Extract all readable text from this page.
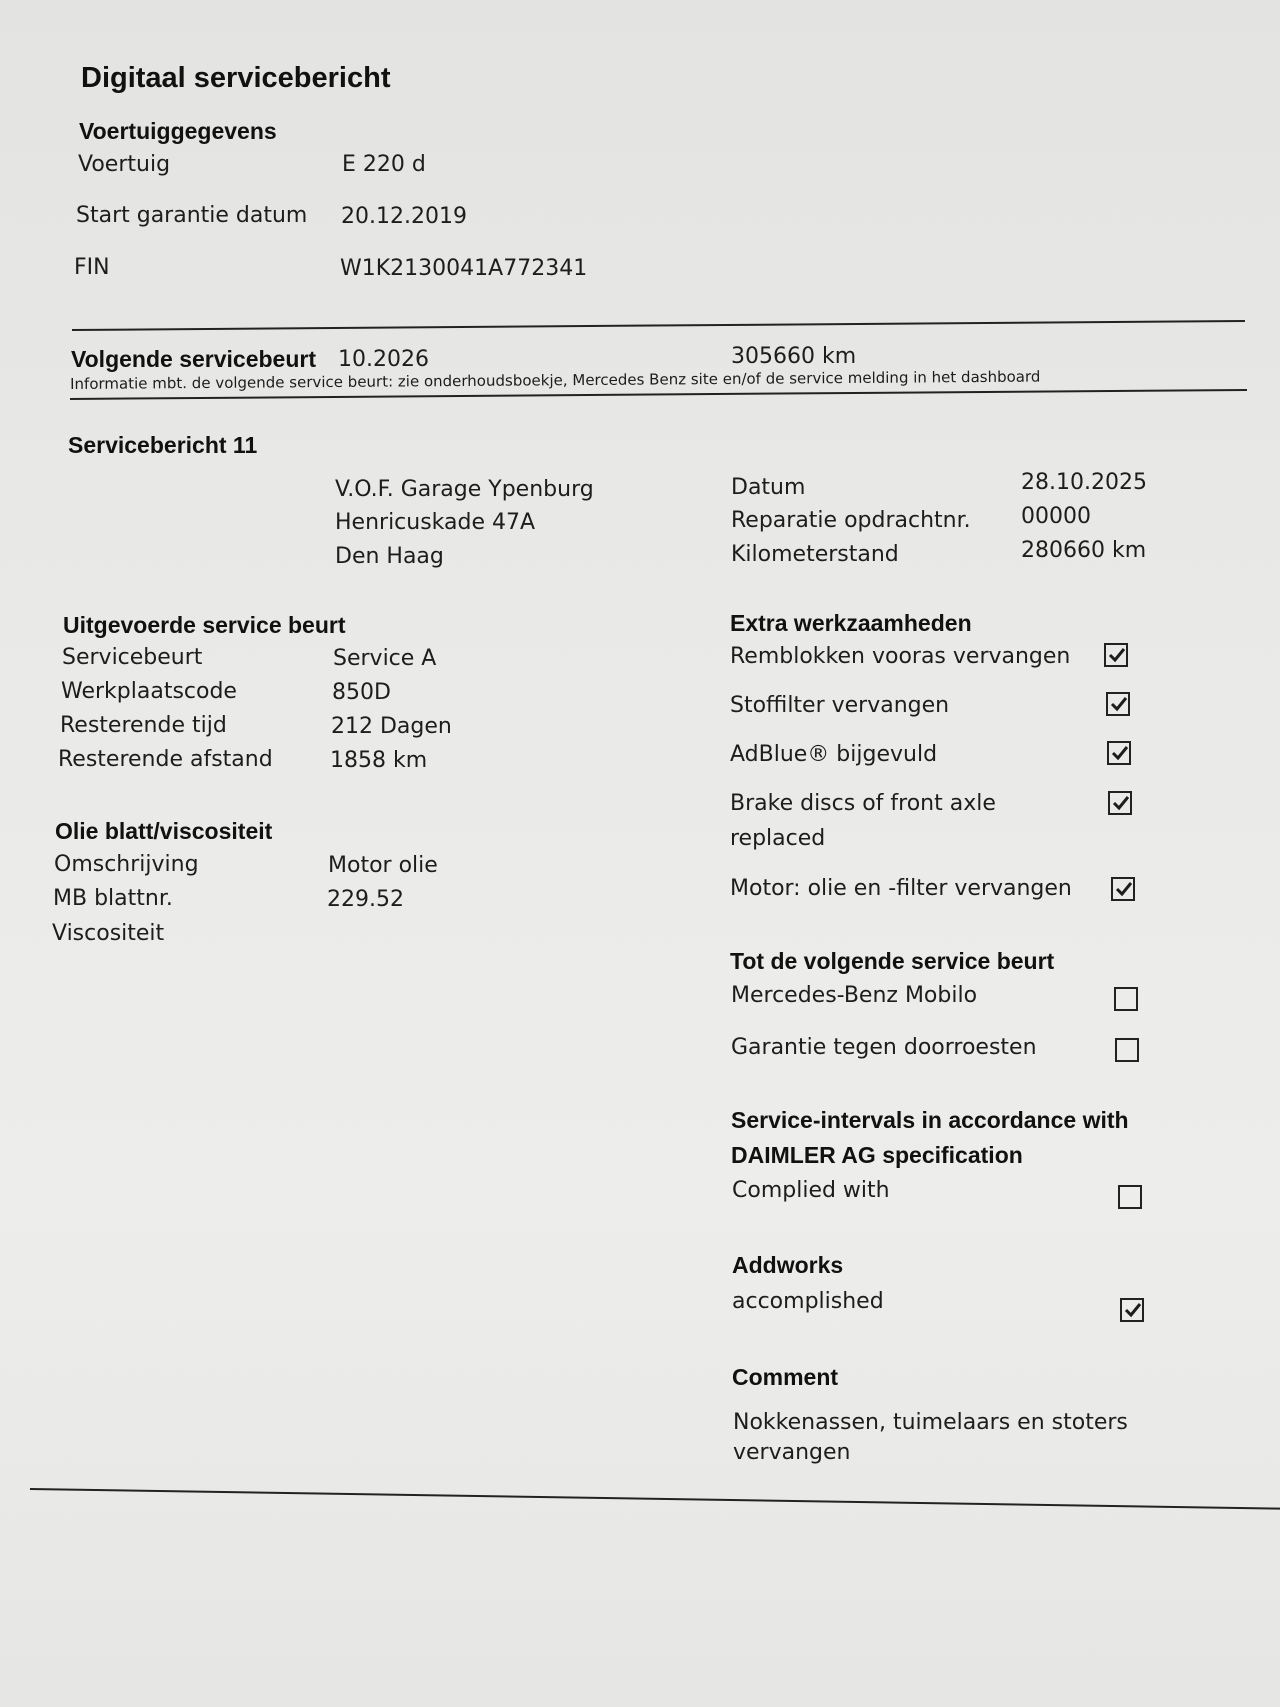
Digitaal servicebericht
Voertuiggegevens
Voertuig	E 220 d
Start garantie datum 20.12.2019
FIN	W1K2130041A772341
Volgende servicebeurt 10.2026	305660 km
Informatie mbt. de volgende service beurt: zie onderhoudsboekje, Mercedes Benz site en/of de service melding in het dashboard
Servicebericht 11
V.O.F. Garage Ypenburg
Henricuskade 47A
Den Haag
Datum	28.10.2025
Reparatie opdrachtnr. 00000
Kilometerstand	280660 km
Uitgevoerde service beurt
Servicebeurt	Service A
Werkplaatscode	850D
Resterende tijd	212 Dagen
Resterende afstand	1858 km
Olie blatt/viscositeit
Omschrijving	Motor olie
MB blattnr.	229.52
Viscositeit
Extra werkzaamheden
Remblokken vooras vervangen
Stoffilter vervangen
AdBlue® bijgevuld
Brake discs of front axle
replaced
Motor: olie en -filter vervangen
Tot de volgende service beurt
Mercedes-Benz Mobilo
Garantie tegen doorroesten
Service-intervals in accordance with
DAIMLER AG specification
Complied with
Addworks
accomplished
Comment
Nokkenassen, tuimelaars en stoters
vervangen
